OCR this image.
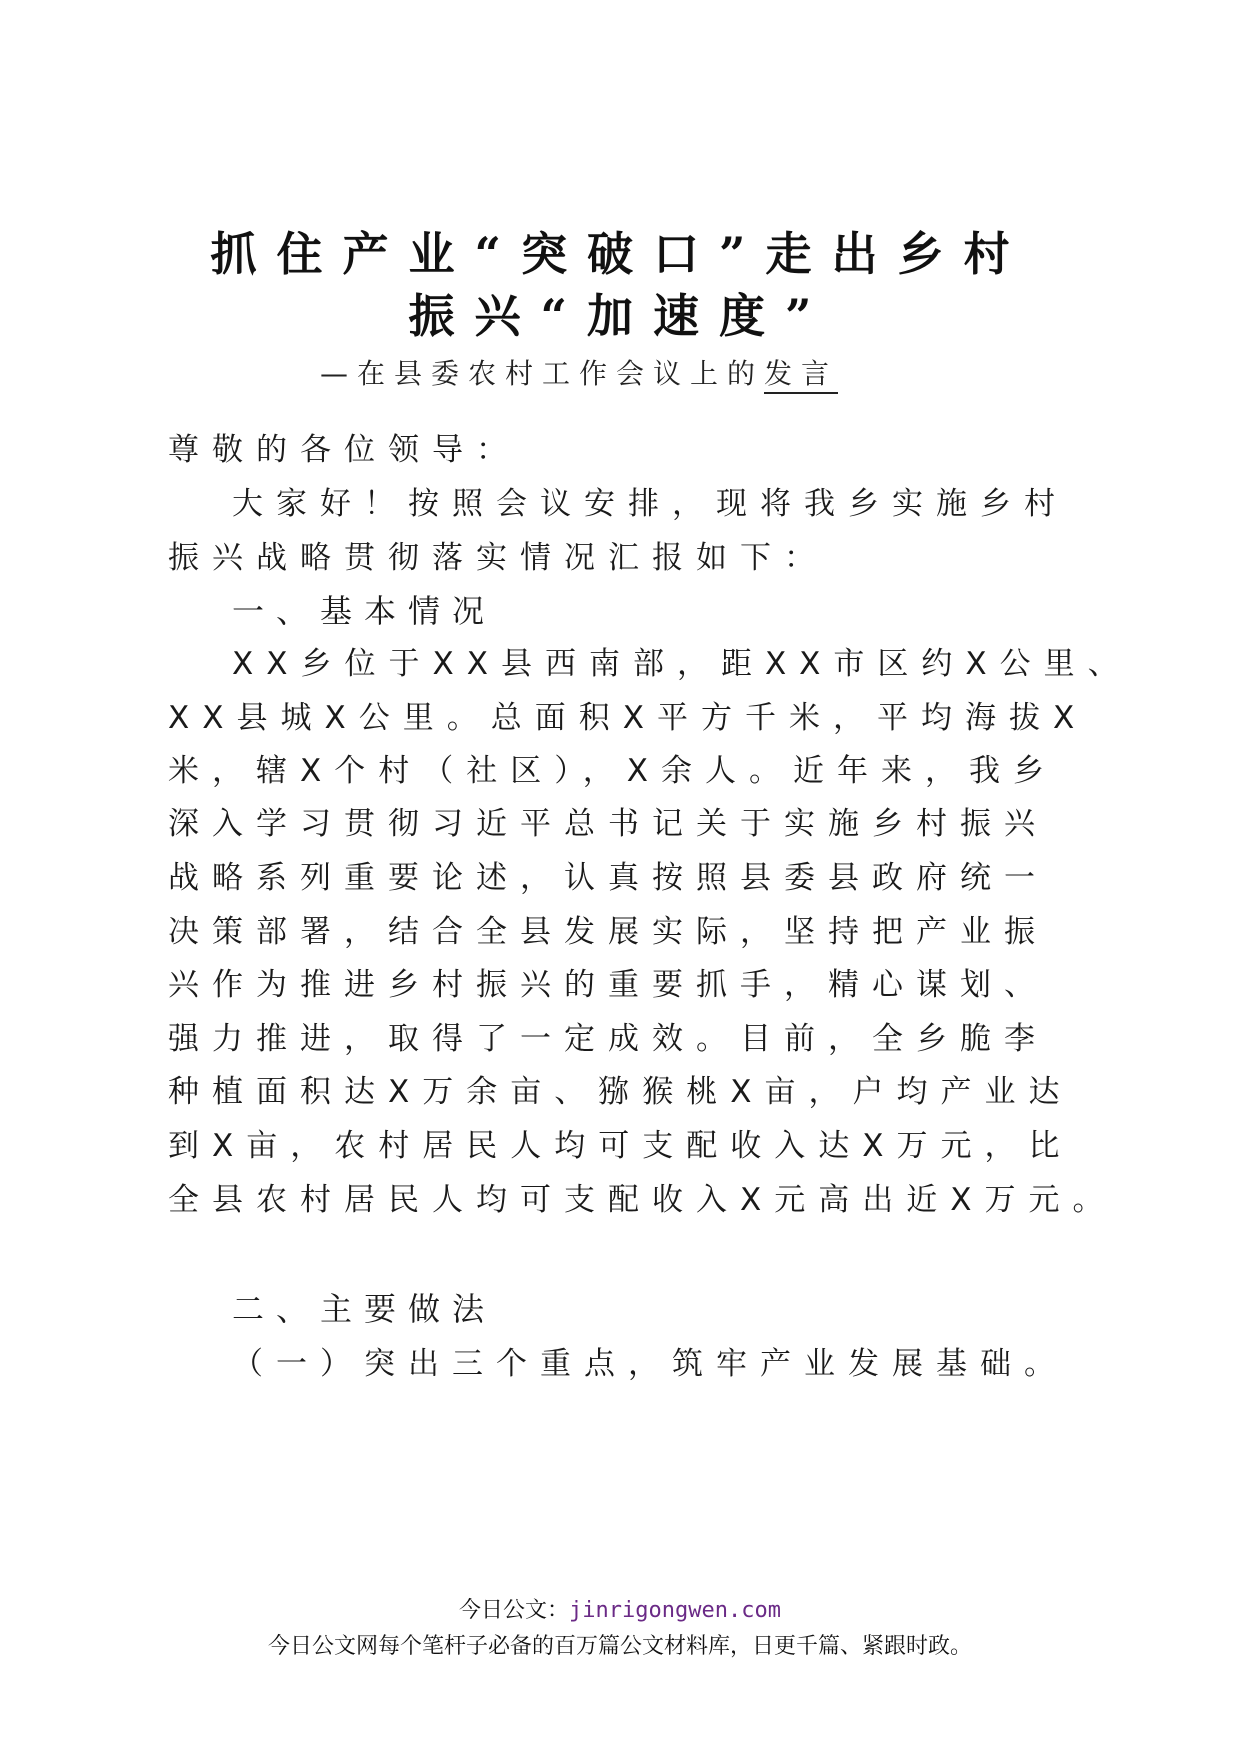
抓住产业“突破口”走出乡村
振兴“加速度”
—在县委农村工作会议上的发言
尊敬的各位领导：
大家好！按照会议安排，现将我乡实施乡村
振兴战略贯彻落实情况汇报如下：
一、基本情况
XX乡位于XX县西南部，距XX市区约X公里、
XX县城X公里。总面积X平方千米，平均海拔X
米，辖X个村（社区），X余人。近年来，我乡
深入学习贯彻习近平总书记关于实施乡村振兴
战略系列重要论述，认真按照县委县政府统一
决策部署，结合全县发展实际，坚持把产业振
兴作为推进乡村振兴的重要抓手，精心谋划、
强力推进，取得了一定成效。目前，全乡脆李
种植面积达X万余亩、猕猴桃X亩，户均产业达
到X亩，农村居民人均可支配收入达X万元，比
全县农村居民人均可支配收入X元高出近X万元。
二、主要做法
（一）突出三个重点，筑牢产业发展基础。
今日公文：jinrigongwen.com
今日公文网每个笔杆子必备的百万篇公文材料库，日更千篇、紧跟时政。
